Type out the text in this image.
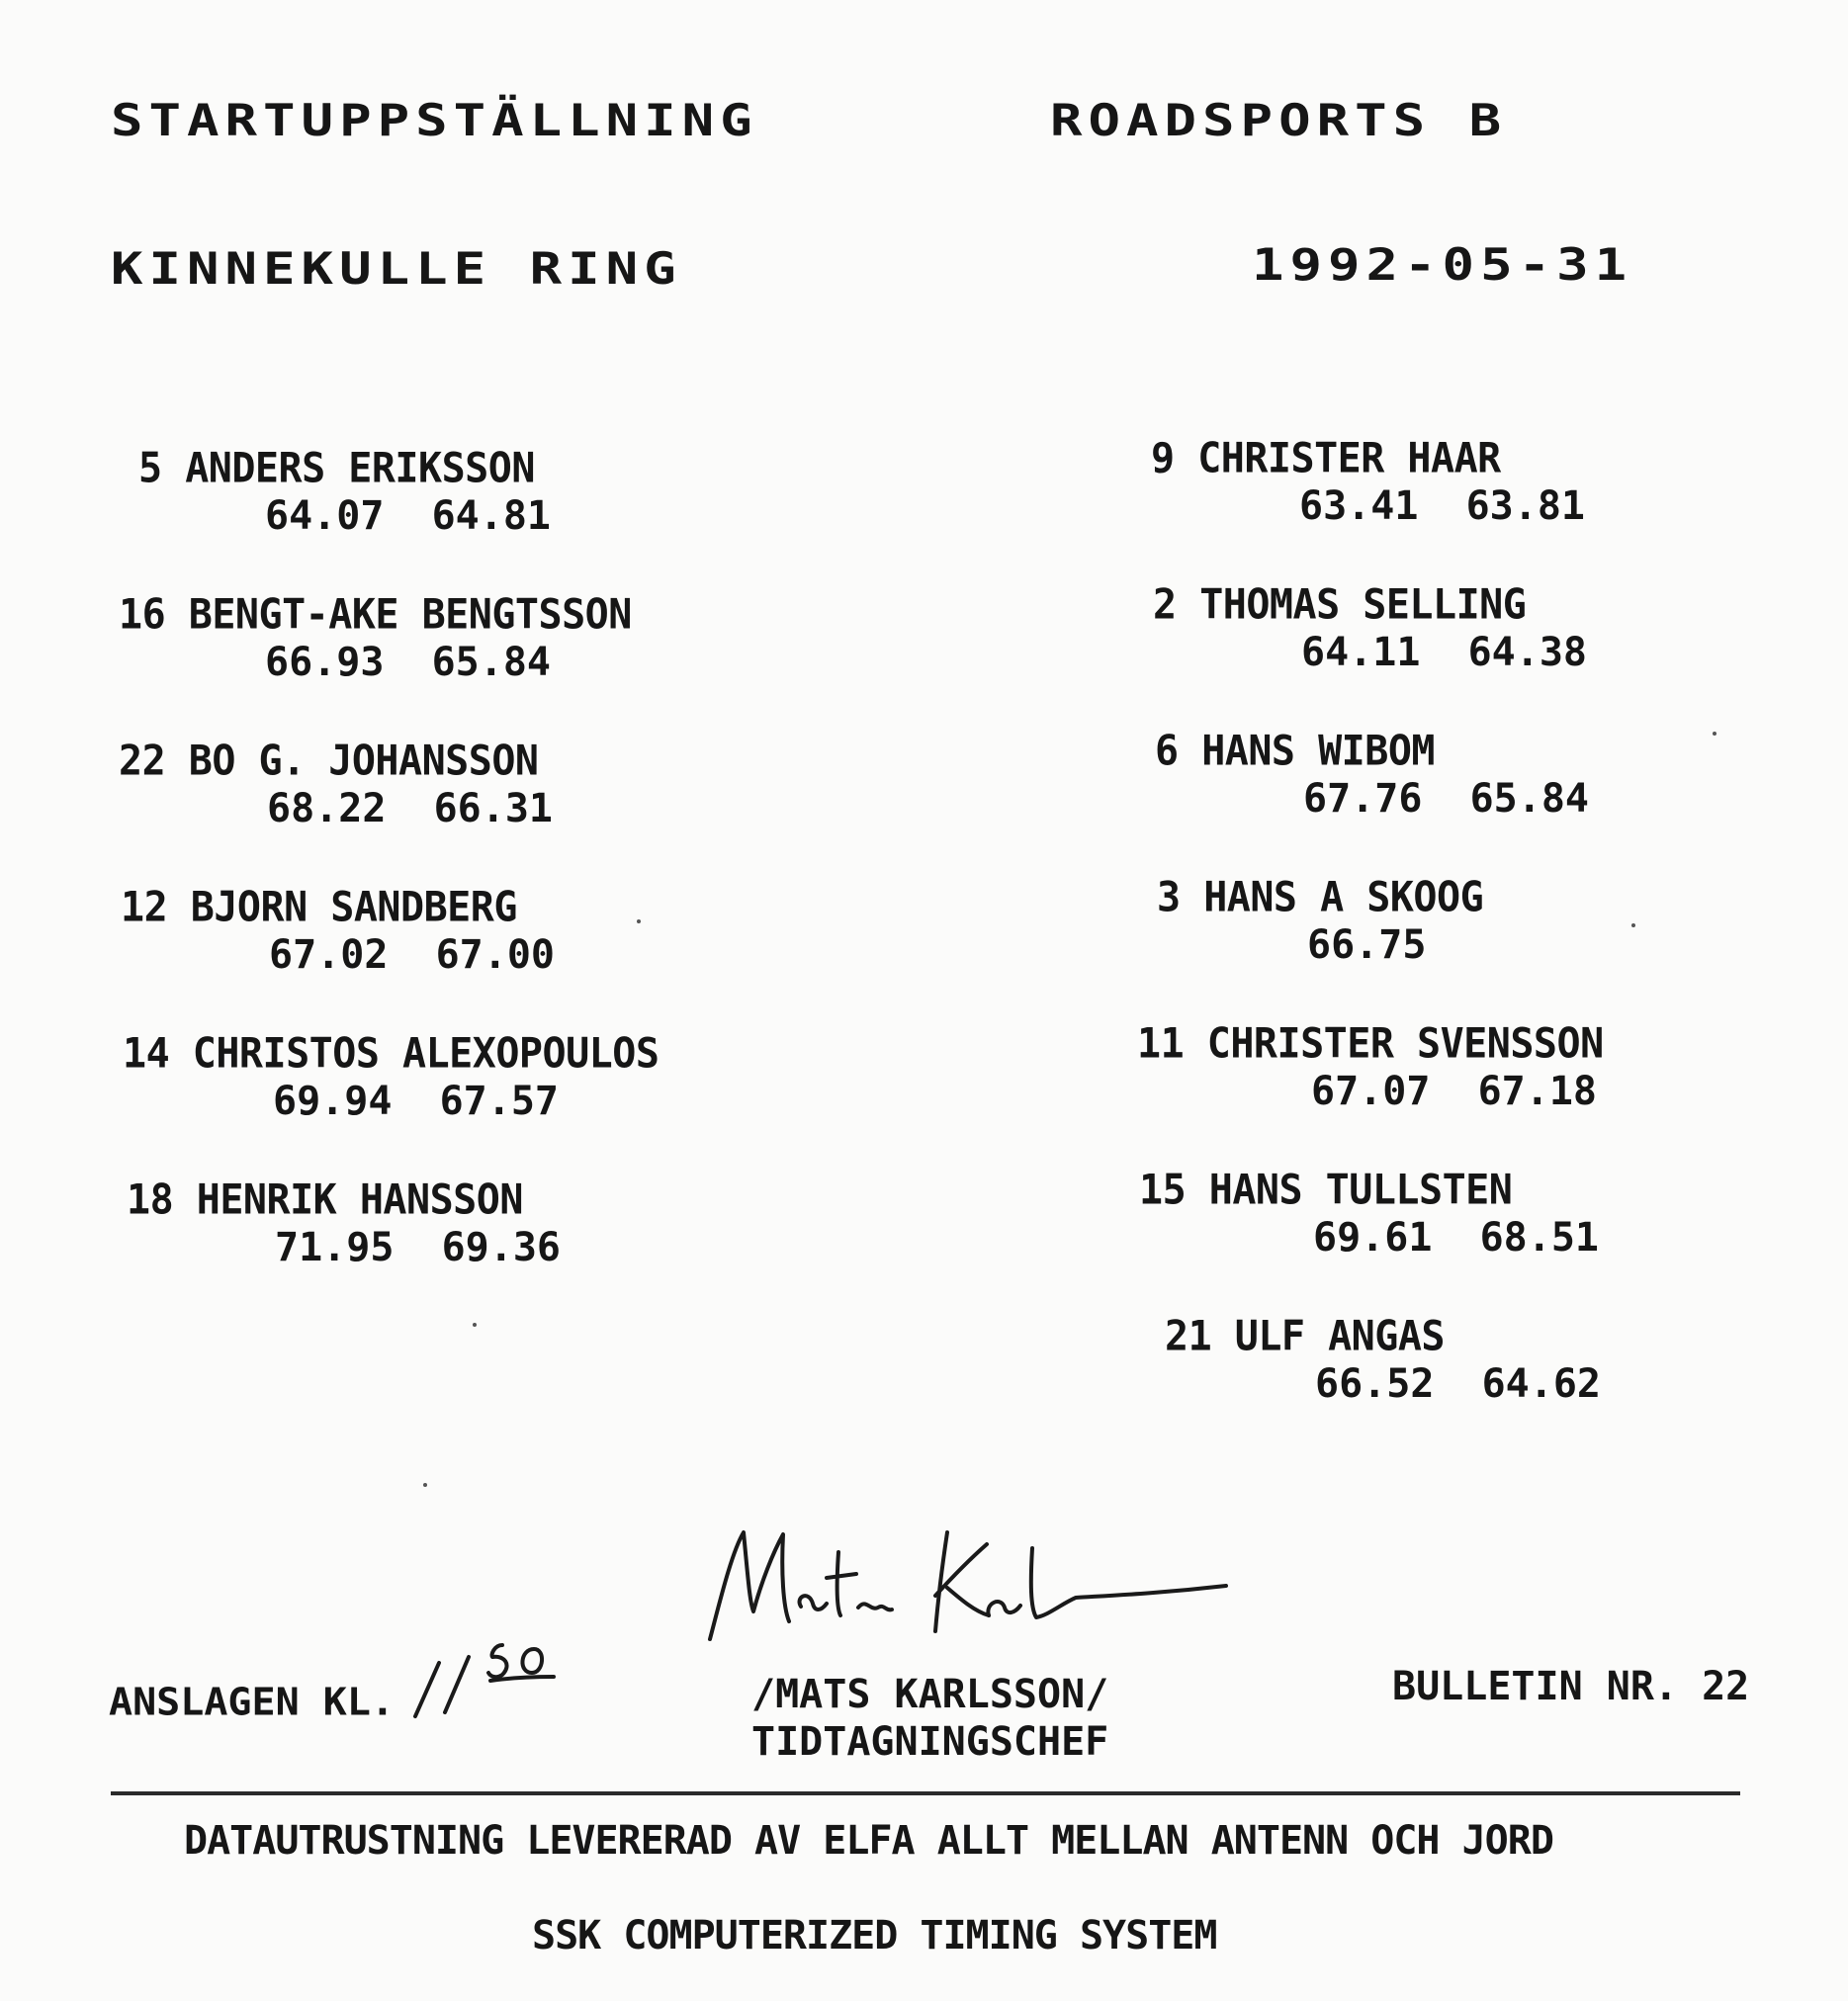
STARTUPPSTÄLLNING	ROADSPORTS B
KINNEKULLE RING	1992-05-31
5 ANDERS ERIKSSON
64.07 64.81
16 BENGT-AKE BENGTSSON
66.93 65.84
22 BO G. JOHANSSON
68.22 66.31
12 BJORN SANDBERG
67.02 67.00
14 CHRISTOS ALEXOPOULOS
69.94 67.57
18 HENRIK HANSSON
71.95 69.36
9 CHRISTER HAAR
63.41 63.81
2 THOMAS SELLING
64.11 64.38
6 HANS WIBOM
67.76 65.84
3 HANS A SKOOG
66.75
11 CHRISTER SVENSSON
67.07 67.18
15 HANS TULLSTEN
69.61 68.51
21 ULF ANGAS
66.52 64.62
ANSLAGEN KL.	/MATS KARLSSON/
TIDTAGNINGSCHEF
BULLETIN NR. 22
DATAUTRUSTNING LEVERERAD AV ELFA ALLT MELLAN ANTENN OCH JORD
SSK COMPUTERIZED TIMING SYSTEM
